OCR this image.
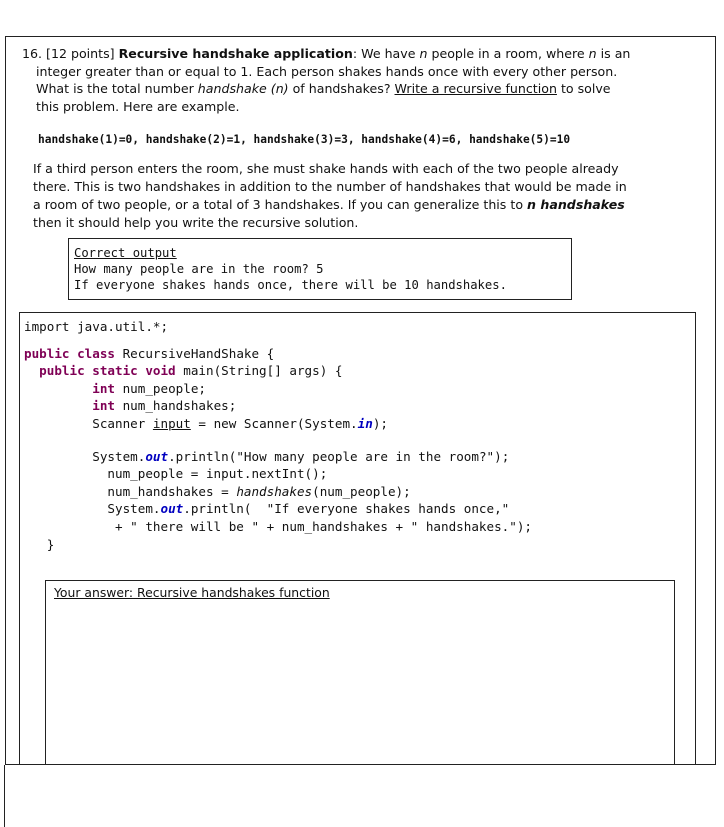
16. [12 points] Recursive handshake application: We have n people in a room, where n is an
integer greater than or equal to 1. Each person shakes hands once with every other person.
What is the total number handshake (n) of handshakes? Write a recursive function to solve
this problem. Here are example.
handshake(1)=0, handshake(2)=1, handshake(3)=3, handshake(4)=6, handshake(5)=10
If a third person enters the room, she must shake hands with each of the two people already
there. This is two handshakes in addition to the number of handshakes that would be made in
a room of two people, or a total of 3 handshakes. If you can generalize this to n handshakes
then it should help you write the recursive solution.
Correct output
How many people are in the room? 5
If everyone shakes hands once, there will be 10 handshakes.
import java.util.*;
public class RecursiveHandShake {
public static void main(String[] args) {
int num_people;
int num_handshakes;
Scanner input = new Scanner(System.in);
System.out.println("How many people are in the room?");
num_people = input.nextInt();
num_handshakes = handshakes(num_people);
System.out.println(  "If everyone shakes hands once,"
+ " there will be " + num_handshakes + " handshakes.");
}
Your answer: Recursive handshakes function
